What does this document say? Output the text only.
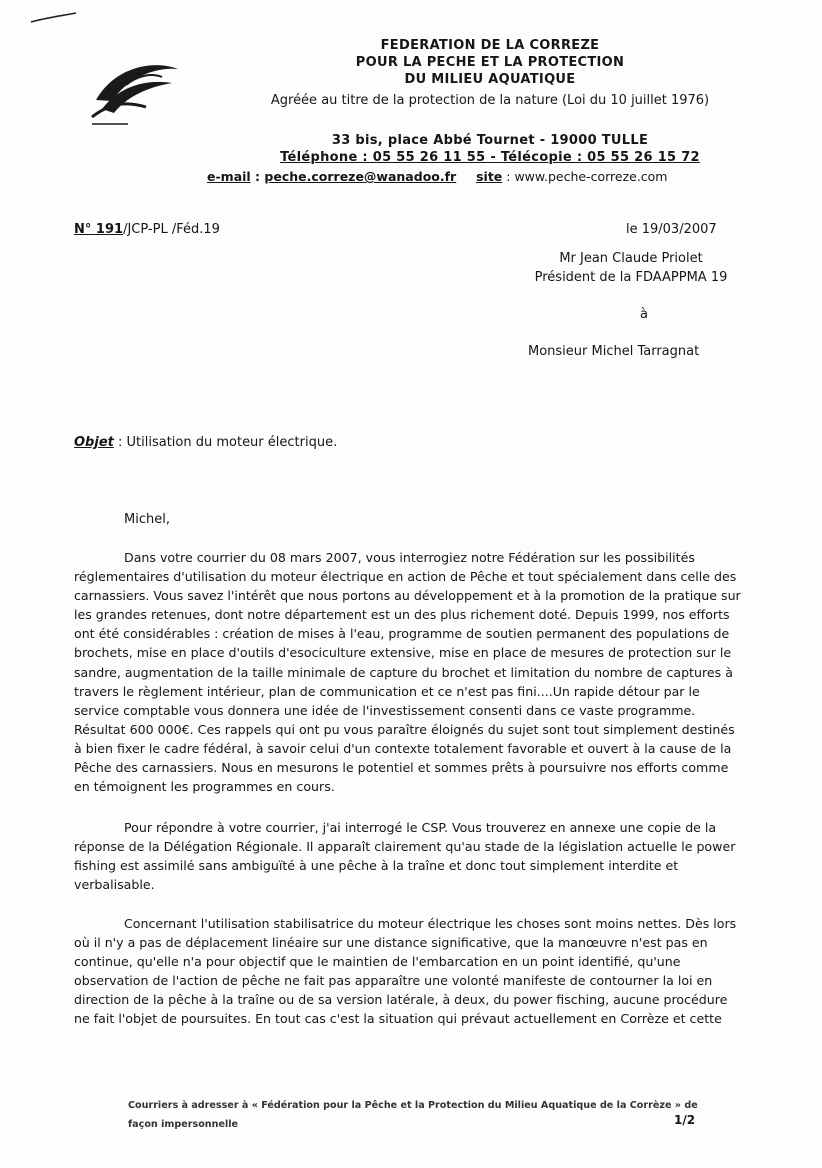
FEDERATION DE LA CORREZE
POUR LA PECHE ET LA PROTECTION
DU MILIEU AQUATIQUE
Agréée au titre de la protection de la nature (Loi du 10 juillet 1976)
33 bis, place Abbé Tournet - 19000 TULLE
Téléphone : 05 55 26 11 55 - Télécopie : 05 55 26 15 72
e-mail : peche.correze@wanadoo.fr site : www.peche-correze.com
N° 191/JCP-PL /Féd.19	le 19/03/2007
Mr Jean Claude Priolet
Président de la FDAAPPMA 19
à
Monsieur Michel Tarragnat
Objet : Utilisation du moteur électrique.
Michel,

Dans votre courrier du 08 mars 2007, vous interrogiez notre Fédération sur les possibilités réglementaires d'utilisation du moteur électrique en action de Pêche et tout spécialement dans celle des carnassiers. Vous savez l'intérêt que nous portons au développement et à la promotion de la pratique sur les grandes retenues, dont notre département est un des plus richement doté. Depuis 1999, nos efforts ont été considérables : création de mises à l'eau, programme de soutien permanent des populations de brochets, mise en place d'outils d'esociculture extensive, mise en place de mesures de protection sur le sandre, augmentation de la taille minimale de capture du brochet et limitation du nombre de captures à travers le règlement intérieur, plan de communication et ce n'est pas fini....Un rapide détour par le service comptable vous donnera une idée de l'investissement consenti dans ce vaste programme. Résultat 600 000€. Ces rappels qui ont pu vous paraître éloignés du sujet sont tout simplement destinés à bien fixer le cadre fédéral, à savoir celui d'un contexte totalement favorable et ouvert à la cause de la Pêche des carnassiers. Nous en mesurons le potentiel et sommes prêts à poursuivre nos efforts comme en témoignent les programmes en cours.

Pour répondre à votre courrier, j'ai interrogé le CSP. Vous trouverez en annexe une copie de la réponse de la Délégation Régionale. Il apparaît clairement qu'au stade de la législation actuelle le power fishing est assimilé sans ambiguïté à une pêche à la traîne et donc tout simplement interdite et verbalisable.

Concernant l'utilisation stabilisatrice du moteur électrique les choses sont moins nettes. Dès lors où il n'y a pas de déplacement linéaire sur une distance significative, que la manœuvre n'est pas en continue, qu'elle n'a pour objectif que le maintien de l'embarcation en un point identifié, qu'une observation de l'action de pêche ne fait pas apparaître une volonté manifeste de contourner la loi en direction de la pêche à la traîne ou de sa version latérale, à deux, du power fisching, aucune procédure ne fait l'objet de poursuites. En tout cas c'est la situation qui prévaut actuellement en Corrèze et cette

Courriers à adresser à « Fédération pour la Pêche et la Protection du Milieu Aquatique de la Corrèze » de façon impersonnelle	1/2
